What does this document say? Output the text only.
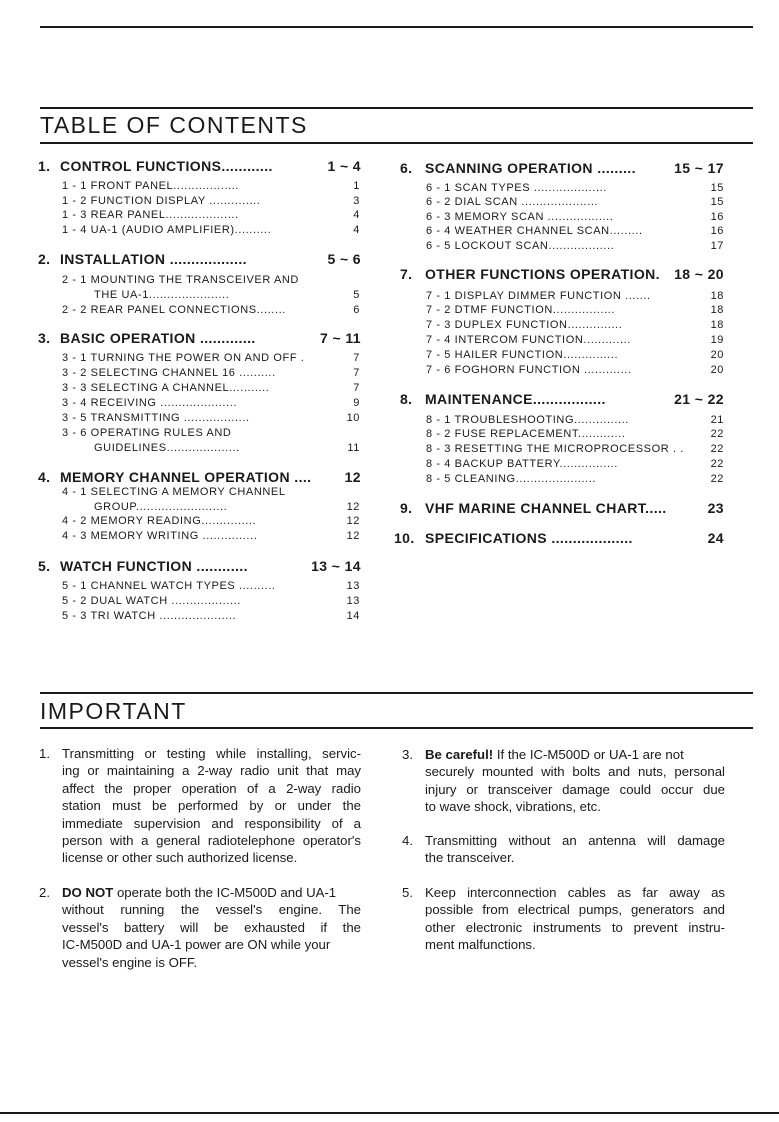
TABLE OF CONTENTS
IMPORTANT
1. CONTROL FUNCTIONS............	1 ~ 4
1 - 1 FRONT PANEL..................	1
1 - 2 FUNCTION DISPLAY ..............	3
1 - 3 REAR PANEL....................	4
1 - 4 UA-1 (AUDIO AMPLIFIER)..........	4
2. INSTALLATION ..................	5 ~ 6
2 - 1 MOUNTING THE TRANSCEIVER AND
THE UA-1......................	5
2 - 2 REAR PANEL CONNECTIONS........	6
3. BASIC OPERATION .............	7 ~ 11
3 - 1 TURNING THE POWER ON AND OFF .	7
3 - 2 SELECTING CHANNEL 16 ..........	7
3 - 3 SELECTING A CHANNEL...........	7
3 - 4 RECEIVING .....................	9
3 - 5 TRANSMITTING ..................	10
3 - 6 OPERATING RULES AND
GUIDELINES....................	11
4. MEMORY CHANNEL OPERATION .... 12
4 - 1 SELECTING A MEMORY CHANNEL
GROUP.........................	12
4 - 2 MEMORY READING...............	12
4 - 3 MEMORY WRITING ...............	12
5. WATCH FUNCTION ............	13 ~ 14
5 - 1 CHANNEL WATCH TYPES ..........	13
5 - 2 DUAL WATCH ...................	13
5 - 3 TRI WATCH .....................	14
6. SCANNING OPERATION .........	15 ~ 17
6 - 1 SCAN TYPES ....................	15
6 - 2 DIAL SCAN .....................	15
6 - 3 MEMORY SCAN ..................	16
6 - 4 WEATHER CHANNEL SCAN.........	16
6 - 5 LOCKOUT SCAN..................	17
7. OTHER FUNCTIONS OPERATION. 18 ~ 20
7 - 1 DISPLAY DIMMER FUNCTION .......	18
7 - 2 DTMF FUNCTION.................	18
7 - 3 DUPLEX FUNCTION...............	18
7 - 4 INTERCOM FUNCTION.............	19
7 - 5 HAILER FUNCTION...............	20
7 - 6 FOGHORN FUNCTION .............	20
8. MAINTENANCE.................	21 ~ 22
8 - 1 TROUBLESHOOTING...............	21
8 - 2 FUSE REPLACEMENT.............	22
8 - 3 RESETTING THE MICROPROCESSOR . . 22
8 - 4 BACKUP BATTERY................	22
8 - 5 CLEANING......................	22
9. VHF MARINE CHANNEL CHART.....	23
10. SPECIFICATIONS ...................	24
1. Transmitting or testing while installing, servic-
ing or maintaining a 2-way radio unit that may
affect the proper operation of a 2-way radio
station must be performed by or under the
immediate supervision and responsibility of a
person with a general radiotelephone operator's
license or other such authorized license.
2. DO NOT operate both the IC-M500D and UA-1
without running the vessel's engine. The
vessel's battery will be exhausted if the
IC-M500D and UA-1 power are ON while your
vessel's engine is OFF.
3. Be careful! If the IC-M500D or UA-1 are not
securely mounted with bolts and nuts, personal
injury or transceiver damage could occur due
to wave shock, vibrations, etc.
4. Transmitting without an antenna will damage
the transceiver.
5. Keep interconnection cables as far away as
possible from electrical pumps, generators and
other electronic instruments to prevent instru-
ment malfunctions.
